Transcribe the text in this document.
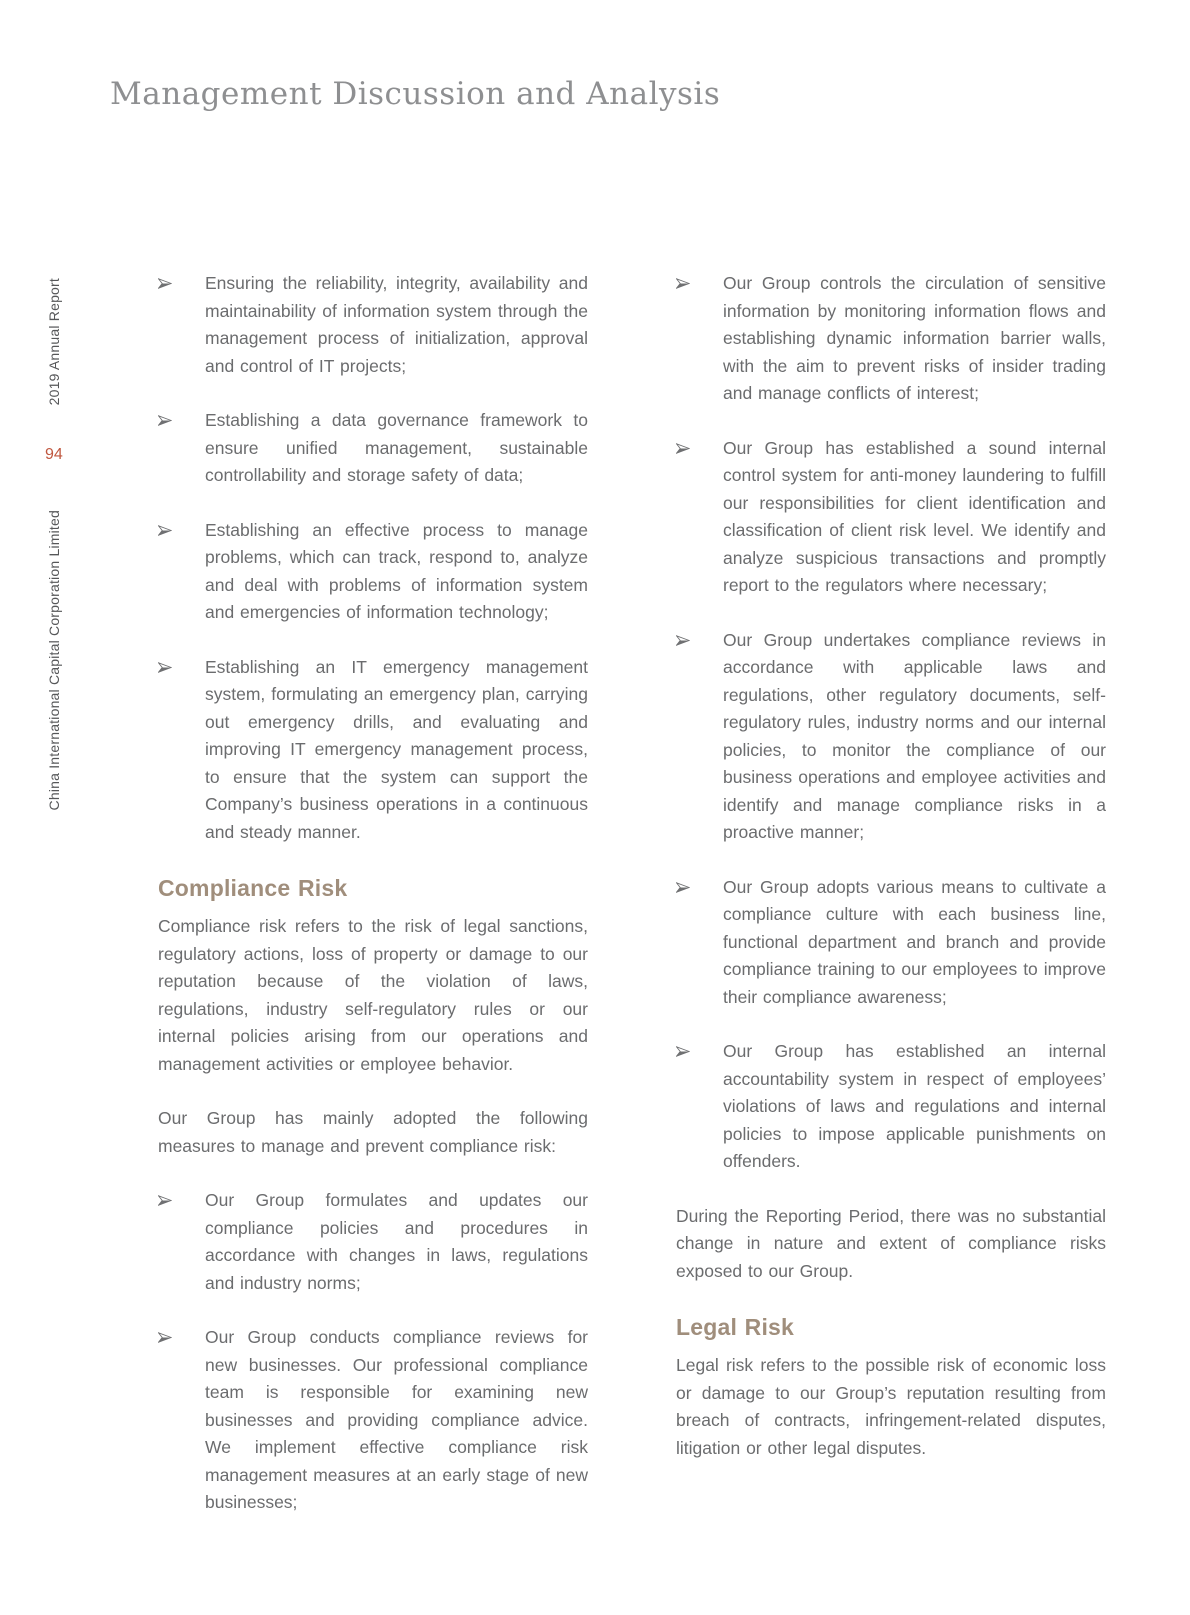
Management Discussion and Analysis
2019 Annual Report
94
China International Capital Corporation Limited

Ensuring the reliability, integrity, availability and maintainability of information system through the management process of initialization, approval and control of IT projects;

Establishing a data governance framework to ensure unified management, sustainable controllability and storage safety of data;

Establishing an effective process to manage problems, which can track, respond to, analyze and deal with problems of information system and emergencies of information technology;

Establishing an IT emergency management system, formulating an emergency plan, carrying out emergency drills, and evaluating and improving IT emergency management process, to ensure that the system can support the Company’s business operations in a continuous and steady manner.

Compliance Risk

Compliance risk refers to the risk of legal sanctions, regulatory actions, loss of property or damage to our reputation because of the violation of laws, regulations, industry self-regulatory rules or our internal policies arising from our operations and management activities or employee behavior.

Our Group has mainly adopted the following measures to manage and prevent compliance risk:

Our Group formulates and updates our compliance policies and procedures in accordance with changes in laws, regulations and industry norms;

Our Group conducts compliance reviews for new businesses. Our professional compliance team is responsible for examining new businesses and providing compliance advice. We implement effective compliance risk management measures at an early stage of new businesses;

Our Group controls the circulation of sensitive information by monitoring information flows and establishing dynamic information barrier walls, with the aim to prevent risks of insider trading and manage conflicts of interest;

Our Group has established a sound internal control system for anti-money laundering to fulfill our responsibilities for client identification and classification of client risk level. We identify and analyze suspicious transactions and promptly report to the regulators where necessary;

Our Group undertakes compliance reviews in accordance with applicable laws and regulations, other regulatory documents, self-regulatory rules, industry norms and our internal policies, to monitor the compliance of our business operations and employee activities and identify and manage compliance risks in a proactive manner;

Our Group adopts various means to cultivate a compliance culture with each business line, functional department and branch and provide compliance training to our employees to improve their compliance awareness;

Our Group has established an internal accountability system in respect of employees’ violations of laws and regulations and internal policies to impose applicable punishments on offenders.

During the Reporting Period, there was no substantial change in nature and extent of compliance risks exposed to our Group.

Legal Risk

Legal risk refers to the possible risk of economic loss or damage to our Group’s reputation resulting from breach of contracts, infringement-related disputes, litigation or other legal disputes.
